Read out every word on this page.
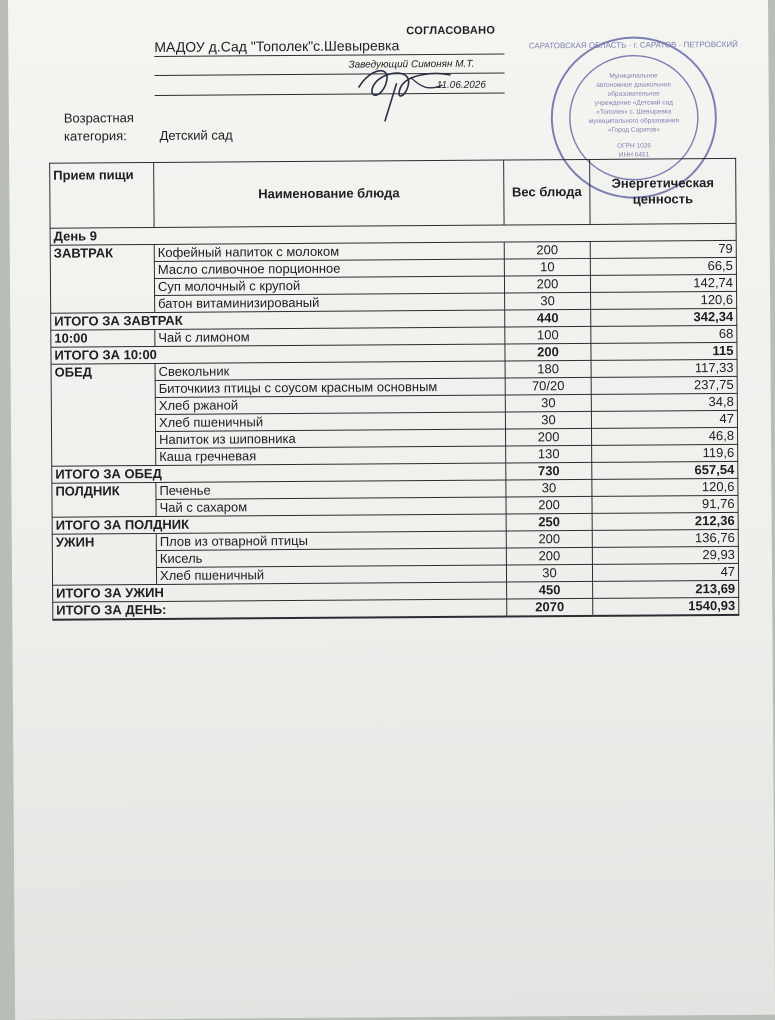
СОГЛАСОВАНО
МАДОУ д.Сад "Тополек"с.Шевыревка
Заведующий Симонян М.Т.
11.06.2026
САРАТОВСКАЯ ОБЛАСТЬ · г. САРАТОВ · ПЕТРОВСКИЙ
Муниципальное
автономное дошкольное
образовательное
учреждение «Детский сад
«Тополек» с. Шевыревка
муниципального образования
«Город Саратов»
ОГРН 1026
ИНН 6451
Возрастная
категория:	Детский сад
Прием пищи	Наименование блюда	Вес блюда	Энергетическая ценность
День 9			
ЗАВТРАК	Кофейный напиток с молоком	200	79
	Масло сливочное порционное	10	66,5
	Суп молочный с крупой	200	142,74
	батон витаминизированый	30	120,6
ИТОГО ЗА ЗАВТРАК		440	342,34
10:00	Чай с лимоном	100	68
ИТОГО ЗА 10:00		200	115
ОБЕД	Свекольник	180	117,33
	Биточкииз птицы с соусом красным основным	70/20	237,75
	Хлеб ржаной	30	34,8
	Хлеб пшеничный	30	47
	Напиток из шиповника	200	46,8
	Каша гречневая	130	119,6
ИТОГО ЗА ОБЕД		730	657,54
ПОЛДНИК	Печенье	30	120,6
	Чай с сахаром	200	91,76
ИТОГО ЗА ПОЛДНИК		250	212,36
УЖИН	Плов из отварной птицы	200	136,76
	Кисель	200	29,93
	Хлеб пшеничный	30	47
ИТОГО ЗА УЖИН		450	213,69
ИТОГО ЗА ДЕНЬ:		2070	1540,93
